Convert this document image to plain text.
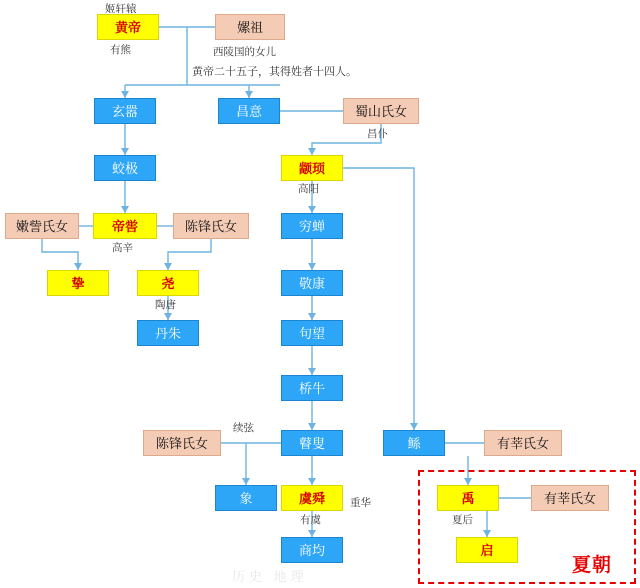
黄帝	嫘祖
玄嚣	昌意	蜀山氏女
蛟极	颛顼
嫩訾氏女	帝喾	陈锋氏女	穷蝉
挚	尧	敬康
丹朱	句望
桥牛
陈锋氏女	瞽叟	鲧	有莘氏女
象	虞舜	禹	有莘氏女
商均	启
姬轩辕
有熊	西陵国的女儿
黄帝二十五子，其得姓者十四人。
昌仆
高阳
高辛
陶唐
续弦
重华
有虞	夏后
夏朝
历史 地理
